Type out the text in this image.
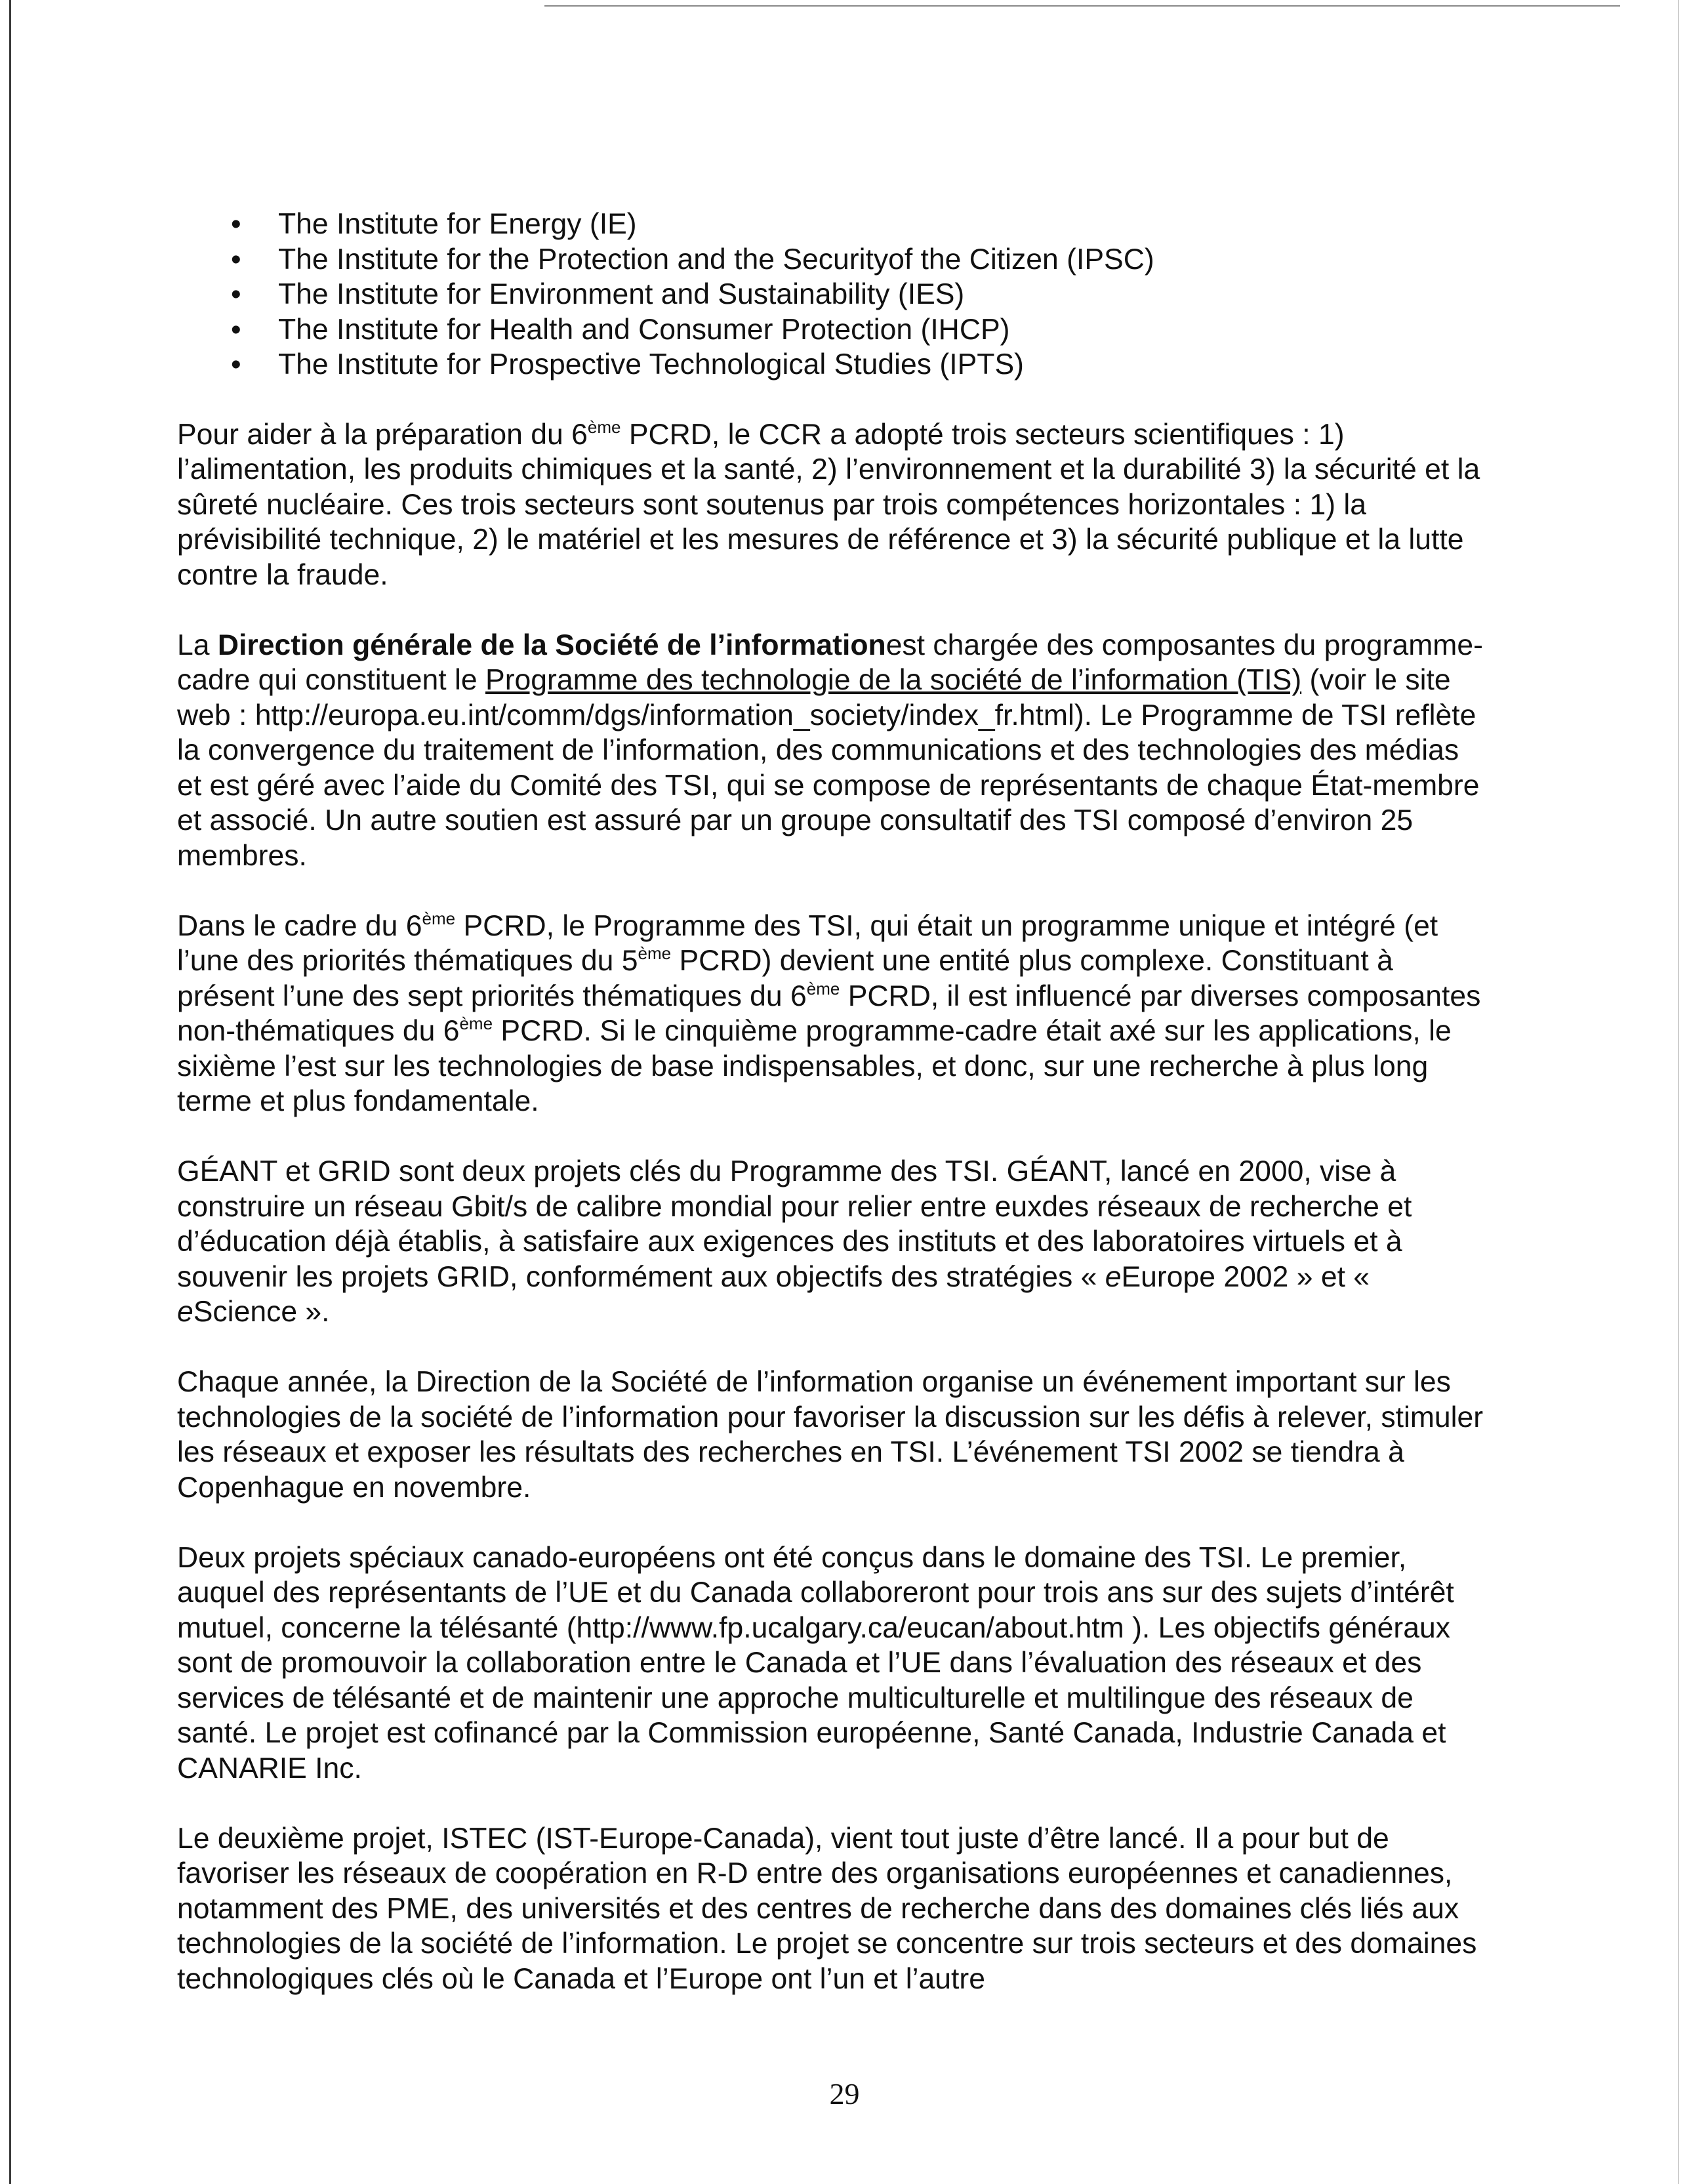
• The Institute for Energy (IE)
• The Institute for the Protection and the Securityof the Citizen (IPSC)
• The Institute for Environment and Sustainability (IES)
• The Institute for Health and Consumer Protection (IHCP)
• The Institute for Prospective Technological Studies (IPTS)

Pour aider à la préparation du 6ème PCRD, le CCR a adopté trois secteurs scientifiques : 1) l’alimentation, les produits chimiques et la santé, 2) l’environnement et la durabilité 3) la sécurité et la sûreté nucléaire. Ces trois secteurs sont soutenus par trois compétences horizontales : 1) la prévisibilité technique, 2) le matériel et les mesures de référence et 3) la sécurité publique et la lutte contre la fraude.

La Direction générale de la Société de l’informationest chargée des composantes du programme-cadre qui constituent le Programme des technologie de la société de l’information (TIS) (voir le site web : http://europa.eu.int/comm/dgs/information_society/index_fr.html). Le Programme de TSI reflète la convergence du traitement de l’information, des communications et des technologies des médias et est géré avec l’aide du Comité des TSI, qui se compose de représentants de chaque État-membre et associé. Un autre soutien est assuré par un groupe consultatif des TSI composé d’environ 25 membres.

Dans le cadre du 6ème PCRD, le Programme des TSI, qui était un programme unique et intégré (et l’une des priorités thématiques du 5ème PCRD) devient une entité plus complexe. Constituant à présent l’une des sept priorités thématiques du 6ème PCRD, il est influencé par diverses composantes non-thématiques du 6ème PCRD. Si le cinquième programme-cadre était axé sur les applications, le sixième l’est sur les technologies de base indispensables, et donc, sur une recherche à plus long terme et plus fondamentale.

GÉANT et GRID sont deux projets clés du Programme des TSI. GÉANT, lancé en 2000, vise à construire un réseau Gbit/s de calibre mondial pour relier entre euxdes réseaux de recherche et d’éducation déjà établis, à satisfaire aux exigences des instituts et des laboratoires virtuels et à souvenir les projets GRID, conformément aux objectifs des stratégies « eEurope 2002 » et « eScience ».

Chaque année, la Direction de la Société de l’information organise un événement important sur les technologies de la société de l’information pour favoriser la discussion sur les défis à relever, stimuler les réseaux et exposer les résultats des recherches en TSI. L’événement TSI 2002 se tiendra à Copenhague en novembre.

Deux projets spéciaux canado-européens ont été conçus dans le domaine des TSI. Le premier, auquel des représentants de l’UE et du Canada collaboreront pour trois ans sur des sujets d’intérêt mutuel, concerne la télésanté (http://www.fp.ucalgary.ca/eucan/about.htm ). Les objectifs généraux sont de promouvoir la collaboration entre le Canada et l’UE dans l’évaluation des réseaux et des services de télésanté et de maintenir une approche multiculturelle et multilingue des réseaux de santé. Le projet est cofinancé par la Commission européenne, Santé Canada, Industrie Canada et CANARIE Inc.

Le deuxième projet, ISTEC (IST-Europe-Canada), vient tout juste d’être lancé. Il a pour but de favoriser les réseaux de coopération en R-D entre des organisations européennes et canadiennes, notamment des PME, des universités et des centres de recherche dans des domaines clés liés aux technologies de la société de l’information. Le projet se concentre sur trois secteurs et des domaines technologiques clés où le Canada et l’Europe ont l’un et l’autre

29
